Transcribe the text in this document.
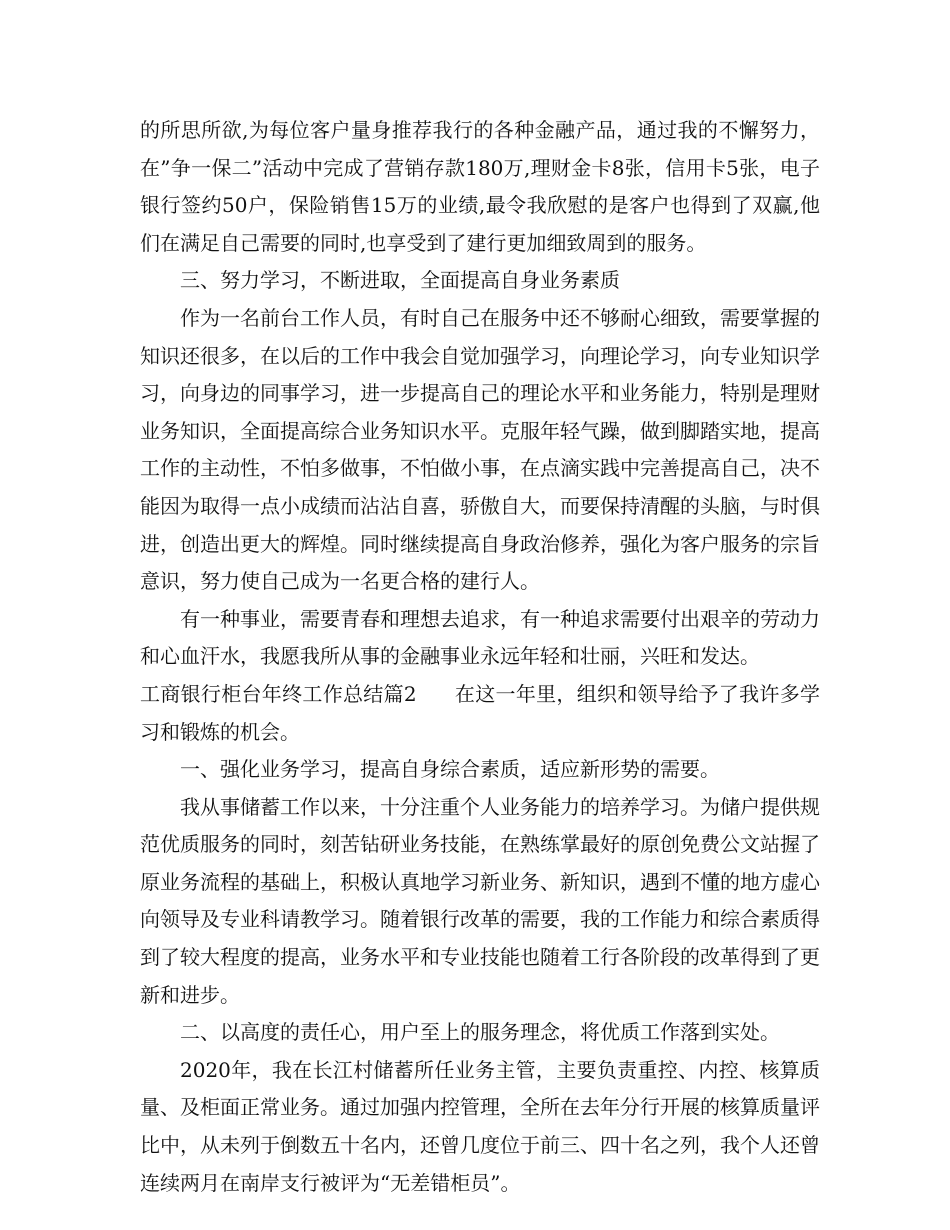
的所思所欲,为每位客户量身推荐我行的各种金融产品，通过我的不懈努力，在”争一保二”活动中完成了营销存款180万,理财金卡8张，信用卡5张，电子银行签约50户，保险销售15万的业绩,最令我欣慰的是客户也得到了双赢,他们在满足自己需要的同时,也享受到了建行更加细致周到的服务。

三、努力学习，不断进取，全面提高自身业务素质

作为一名前台工作人员，有时自己在服务中还不够耐心细致，需要掌握的知识还很多，在以后的工作中我会自觉加强学习，向理论学习，向专业知识学习，向身边的同事学习，进一步提高自己的理论水平和业务能力，特别是理财业务知识，全面提高综合业务知识水平。克服年轻气躁，做到脚踏实地，提高工作的主动性，不怕多做事，不怕做小事，在点滴实践中完善提高自己，决不能因为取得一点小成绩而沾沾自喜，骄傲自大，而要保持清醒的头脑，与时俱进，创造出更大的辉煌。同时继续提高自身政治修养，强化为客户服务的宗旨意识，努力使自己成为一名更合格的建行人。

有一种事业，需要青春和理想去追求，有一种追求需要付出艰辛的劳动力和心血汗水，我愿我所从事的金融事业永远年轻和壮丽，兴旺和发达。

工商银行柜台年终工作总结篇2 在这一年里，组织和领导给予了我许多学习和锻炼的机会。

一、强化业务学习，提高自身综合素质，适应新形势的需要。

我从事储蓄工作以来，十分注重个人业务能力的培养学习。为储户提供规范优质服务的同时，刻苦钻研业务技能，在熟练掌最好的原创免费公文站握了原业务流程的基础上，积极认真地学习新业务、新知识，遇到不懂的地方虚心向领导及专业科请教学习。随着银行改革的需要，我的工作能力和综合素质得到了较大程度的提高，业务水平和专业技能也随着工行各阶段的改革得到了更新和进步。

二、以高度的责任心，用户至上的服务理念，将优质工作落到实处。

2020年，我在长江村储蓄所任业务主管，主要负责重控、内控、核算质量、及柜面正常业务。通过加强内控管理，全所在去年分行开展的核算质量评比中，从未列于倒数五十名内，还曾几度位于前三、四十名之列，我个人还曾连续两月在南岸支行被评为“无差错柜员”。
